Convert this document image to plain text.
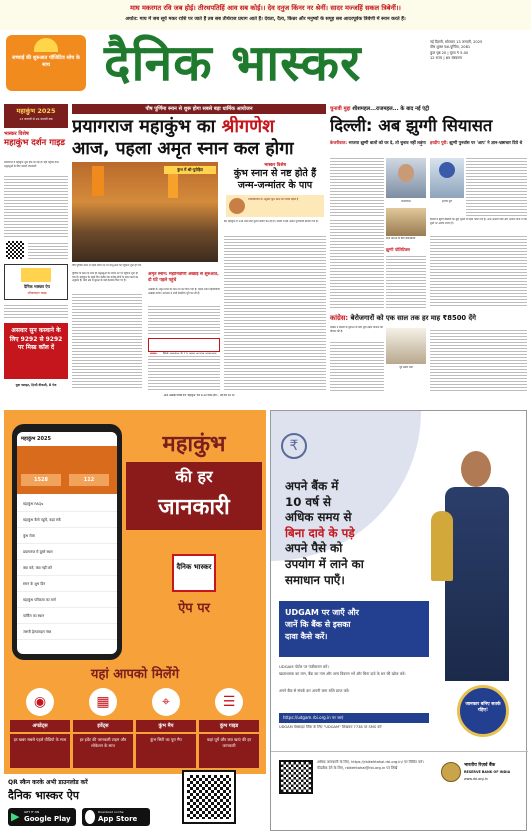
माघ मकरगत रवि जब होई। तीरथपतिहिं आव सब कोई।। देव दनुज किंनर नर श्रेनीं। सादर मज्जहिं सकल त्रिबेनीं।।
अर्थात: माघ में जब सूर्य मकर राशि पर जाते हैं तब सब तीर्थराज प्रयाग आते हैं। देवता, दैत्य, किन्नर और मनुष्यों के समूह सब आदरपूर्वक त्रिवेणी में स्नान करते हैं।
सच्चाई की शुरुआत पॉजिटिव सोच के साथ	दैनिक भास्कर	नई दिल्ली, सोमवार 13 जनवरी, 2025
पौष शुक्ल पक्ष-पूर्णिमा, 2081
कुल पृष्ठ 20 | मूल्य ₹ 5.00
12 राज्य | 65 संस्करण
महाकुंभ 2025
13 जनवरी से 26 फरवरी तक
भास्कर विशेष
महाकुंभ दर्शन गाइड
प्रयागराज में महाकुंभ शुरू होने जा रहा है। यहां पहुंचने वाले श्रद्धालुओं के लिए जरूरी जानकारी
दैनिक भास्कर ऐप
ऑफलाइन गाइड
असवार सुन कस्वाने के लिए 9292 से 9292 पर मिस्ड कॉल दें
युवा फ्लाइट, हिन्दी वीकली, 8 पेज
पौष पूर्णिमा स्नान से शुरू होगा सबसे बड़ा धार्मिक आयोजन
प्रयागराज महाकुंभ का श्रीगणेश
आज, पहला अमृत स्नान कल होगा
कुंभ में श्री-पुरोहित
पौष पूर्णिमा स्नान से पहले संगम तट पर साधु-संतों का पहुंचना शुरू हो गया
पूर्णिमा के स्नान के साथ ही श्रद्धालुओं का संगम तट पर पहुंचना शुरू हो गया है। महाकुंभ के पहले दिन करीब एक करोड़ लोगों के स्नान करने का अनुमान है। मेला क्षेत्र में सुरक्षा के कड़े इंतजाम किए गए हैं।
अमृत स्नान: महानिर्वाणी अखाड़े से शुरुआत, दो घंटे पहले पहुंचे
अखाड़ों के अमृत स्नान का क्रम तय कर दिया गया है। पहला स्नान महानिर्वाणी अखाड़ा करेगा। प्रशासन ने सभी तैयारियां पूरी कर ली हैं।
भास्कर विशेष
कुंभ स्नान से नष्ट होते हैं जन्म-जन्मांतर के पाप
ज्योतिषाचार्य के अनुसार कुंभ स्नान का विशेष महत्व है
इस महाकुंभ में 144 साल बाद दुर्लभ संयोग बन रहा है। शास्त्रों में इसे अत्यंत पुण्यदायी बताया गया है।
आज अखाड़ा विशेष पेज 'महाकुंभ' पेज 9-12 स्थित होंगे... नई पेज 10 पर
चुनावी मुद्दा शीशमहल...राजमहल... के बाद नई एंट्री
दिल्ली: अब झुग्गी सियासत
केजरीवाल: भाजपा झुग्गी वालों को घर दे, तो चुनाव नहीं लड़ूंगा हरदीप पुरी: झुग्गी पुनर्वास पर 'आप' ने ज्ञान-भ्रष्टाचार दिये थे
केजरीवाल	हरदीप पुरी
दोनों नेताओं के बीच बयानबाजी
झुग्गी पोलिटिक्स
दिल्ली में झुग्गी बस्तियों का मुद्दा चुनाव से पहले गरमा गया है। आम आदमी पार्टी और भाजपा दोनों ने एक दूसरे पर आरोप लगाए हैं।
कांग्रेस: बेरोजगारों को एक साल तक हर माह ₹8500 देंगे
कांग्रेस ने दिल्ली के युवाओं के लिए युवा उड़ान योजना की घोषणा की है।
पूर्व उद्योग मंत्री
महाकुंभ 2025
1528	112
महाकुंभ FAQs
महाकुंभ कैसे पहुंचें, कहां रुकें
कुंभ मेला
प्रयागराज में दूसरे स्थल
क्या करें, क्या नहीं करें
स्नान के शुभ दिन
महाकुंभ परिक्रमा का मार्ग
पार्किंग का स्थान
जरूरी हेल्पलाइन नंबर
महाकुंभ
की हर
जानकारी
दैनिक भास्कर
ऐप पर
यहां आपको मिलेंगे
◉
अपडेट्स
हर खबर सबसे पहले वीडियो के साथ
▦
इवेंट्स
हर इवेंट की जानकारी टाइम और लोकेशन के साथ
⌖
कुंभ मैप
कुंभ सिटी का पूरा मैप
☰
कुंभ गाइड
कहां घूमें और क्या खाएं की हर जानकारी
QR स्कैन करके अभी डाउनलोड करें
दैनिक भास्कर ऐप
▶	GET IT ON
Google Play
Download on the
App Store
₹
अपने बैंक में
10 वर्ष से
अधिक समय से
बिना दावे के पड़े
अपने पैसे को
उपयोग में लाने का
समाधान पाएँ।
UDGAM पर जाएँ और
जानें कि बैंक से इसका
दावा कैसे करें।
UDGAM पोर्टल पर पंजीकरण करें।
खाताधारक का नाम, बैंक का नाम और अन्य विवरण भरें और बिना दावे के धन की खोज करें।
अपने बैंक से संपर्क कर अपनी जमा राशि प्राप्त करें।
https://udgam.rbi.org.in पर जाएं
UDGAM वेबसाइट लिंक के लिए "UDGAM" लिखकर 7738 पर SMS करें
जानकार बनिए सतर्क रहिए!
अधिक जानकारी के लिए, https://rbikehtahai.rbi.org.in/ पर विजिट करें। फीडबैक देने के लिए, rbikehtahai@rbi.org.in पर लिखें	भारतीय रिज़र्व बैंक
RESERVE BANK OF INDIA
www.rbi.org.in
